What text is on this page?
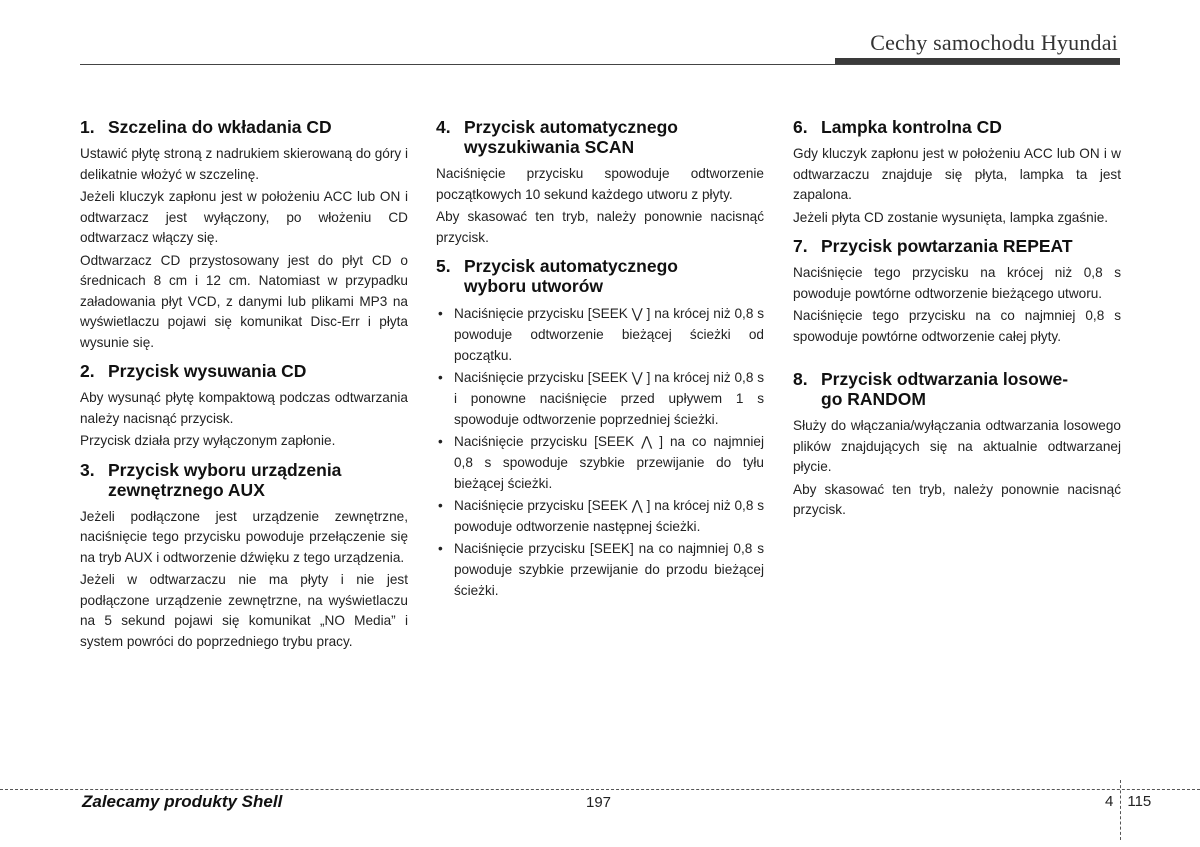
Cechy samochodu Hyundai
1. Szczelina do wkładania CD

Ustawić płytę stroną z nadrukiem skierowaną do góry i delikatnie włożyć w szczelinę.

Jeżeli kluczyk zapłonu jest w położeniu ACC lub ON i odtwarzacz jest wyłączony, po włożeniu CD odtwarzacz włączy się.

Odtwarzacz CD przystosowany jest do płyt CD o średnicach 8 cm i 12 cm. Natomiast w przypadku załadowania płyt VCD, z danymi lub plikami MP3 na wyświetlaczu pojawi się komunikat Disc-Err i płyta wysunie się.

2. Przycisk wysuwania CD

Aby wysunąć płytę kompaktową podczas odtwarzania należy nacisnąć przycisk.

Przycisk działa przy wyłączonym zapłonie.

3. Przycisk wyboru urządzenia
zewnętrznego AUX

Jeżeli podłączone jest urządzenie zewnętrzne, naciśnięcie tego przycisku powoduje przełączenie się na tryb AUX i odtworzenie dźwięku z tego urządzenia.

Jeżeli w odtwarzaczu nie ma płyty i nie jest podłączone urządzenie zewnętrzne, na wyświetlaczu na 5 sekund pojawi się komunikat „NO Media” i system powróci do poprzedniego trybu pracy.

4. Przycisk automatycznego
wyszukiwania SCAN

Naciśnięcie przycisku spowoduje odtworzenie początkowych 10 sekund każdego utworu z płyty.

Aby skasować ten tryb, należy ponownie nacisnąć przycisk.

5. Przycisk automatycznego
wyboru utworów
• Naciśnięcie przycisku [SEEK ⋁ ] na krócej niż 0,8 s powoduje odtworzenie bieżącej ścieżki od początku.
• Naciśnięcie przycisku [SEEK ⋁ ] na krócej niż 0,8 s i ponowne naciśnięcie przed upływem 1 s spowoduje odtworzenie poprzedniej ścieżki.
• Naciśnięcie przycisku [SEEK ⋀ ] na co najmniej 0,8 s spowoduje szybkie przewijanie do tyłu bieżącej ścieżki.
• Naciśnięcie przycisku [SEEK ⋀ ] na krócej niż 0,8 s powoduje odtworzenie następnej ścieżki.
• Naciśnięcie przycisku [SEEK] na co najmniej 0,8 s powoduje szybkie przewijanie do przodu bieżącej ścieżki.
6. Lampka kontrolna CD

Gdy kluczyk zapłonu jest w położeniu ACC lub ON i w odtwarzaczu znajduje się płyta, lampka ta jest zapalona.

Jeżeli płyta CD zostanie wysunięta, lampka zgaśnie.

7. Przycisk powtarzania REPEAT

Naciśnięcie tego przycisku na krócej niż 0,8 s powoduje powtórne odtworzenie bieżącego utworu.

Naciśnięcie tego przycisku na co najmniej 0,8 s spowoduje powtórne odtworzenie całej płyty.

8. Przycisk odtwarzania losowe-
go RANDOM

Służy do włączania/wyłączania odtwarzania losowego plików znajdujących się na aktualnie odtwarzanej płycie.

Aby skasować ten tryb, należy ponownie nacisnąć przycisk.

Zalecamy produkty Shell	197	4 115
